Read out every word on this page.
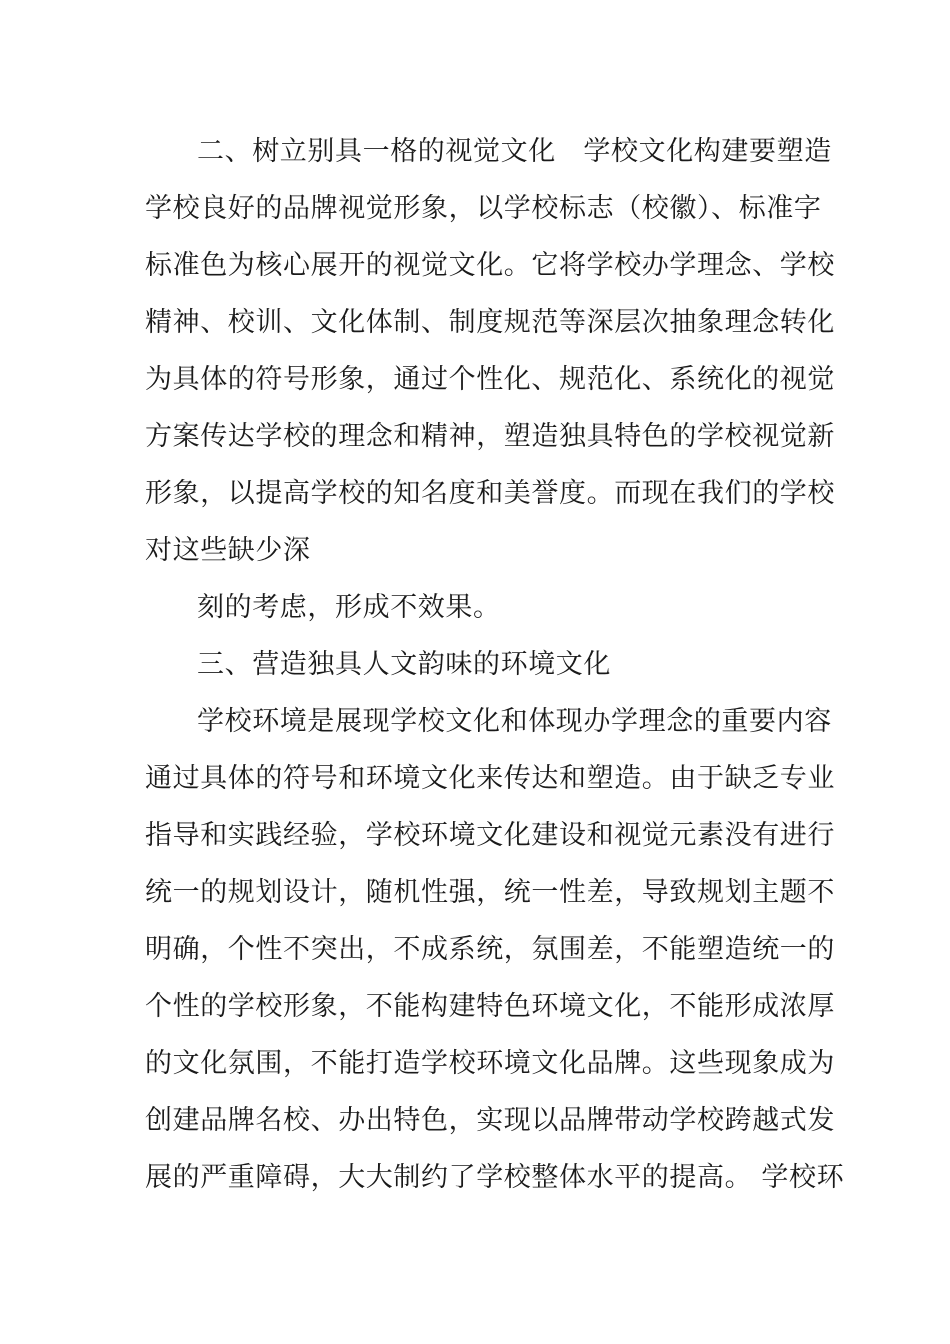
二、树立别具一格的视觉文化　学校文化构建要塑造
学校良好的品牌视觉形象，以学校标志（校徽）、标准字
标准色为核心展开的视觉文化。它将学校办学理念、学校
精神、校训、文化体制、制度规范等深层次抽象理念转化
为具体的符号形象，通过个性化、规范化、系统化的视觉
方案传达学校的理念和精神，塑造独具特色的学校视觉新
形象，以提高学校的知名度和美誉度。而现在我们的学校
对这些缺少深
刻的考虑，形成不效果。
三、营造独具人文韵味的环境文化
学校环境是展现学校文化和体现办学理念的重要内容
通过具体的符号和环境文化来传达和塑造。由于缺乏专业
指导和实践经验，学校环境文化建设和视觉元素没有进行
统一的规划设计，随机性强，统一性差，导致规划主题不
明确，个性不突出，不成系统，氛围差，不能塑造统一的
个性的学校形象，不能构建特色环境文化，不能形成浓厚
的文化氛围，不能打造学校环境文化品牌。这些现象成为
创建品牌名校、办出特色，实现以品牌带动学校跨越式发
展的严重障碍，大大制约了学校整体水平的提高。 学校环
